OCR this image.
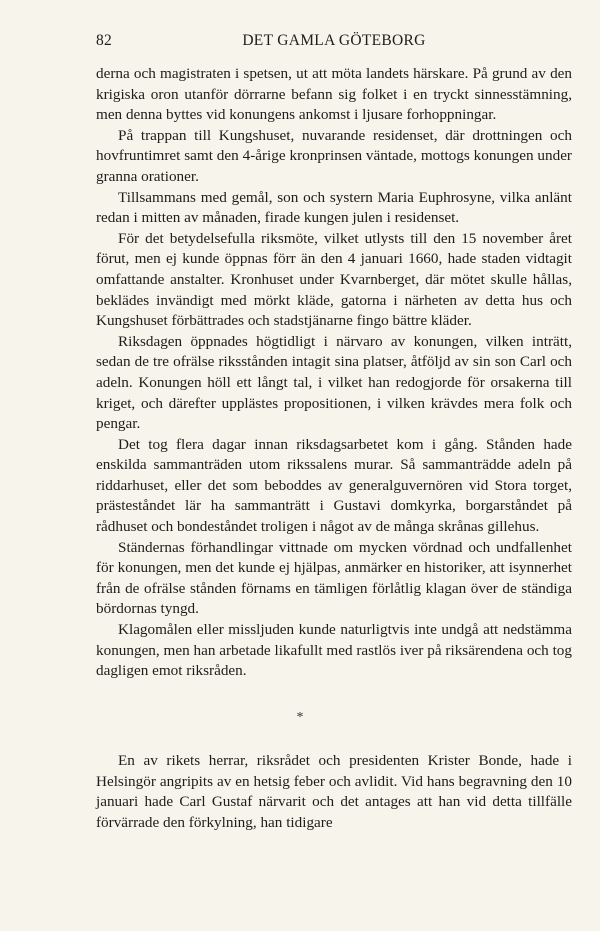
82	DET GAMLA GÖTEBORG

derna och magistraten i spetsen, ut att möta landets härskare. På grund av den krigiska oron utanför dörrarne befann sig folket i en tryckt sinnesstämning, men denna byttes vid konungens ankomst i ljusare forhoppningar.

På trappan till Kungshuset, nuvarande residenset, där drottningen och hovfruntimret samt den 4-årige kronprinsen väntade, mottogs konungen under granna orationer.

Tillsammans med gemål, son och systern Maria Euphrosyne, vilka anlänt redan i mitten av månaden, firade kungen julen i residenset.

För det betydelsefulla riksmöte, vilket utlysts till den 15 november året förut, men ej kunde öppnas förr än den 4 januari 1660, hade staden vidtagit omfattande anstalter. Kronhuset under Kvarnberget, där mötet skulle hållas, beklädes invändigt med mörkt kläde, gatorna i närheten av detta hus och Kungshuset förbättrades och stadstjänarne fingo bättre kläder.

Riksdagen öppnades högtidligt i närvaro av konungen, vilken inträtt, sedan de tre ofrälse riksstånden intagit sina platser, åtföljd av sin son Carl och adeln. Konungen höll ett långt tal, i vilket han redogjorde för orsakerna till kriget, och därefter upplästes propositionen, i vilken krävdes mera folk och pengar.

Det tog flera dagar innan riksdagsarbetet kom i gång. Stånden hade enskilda sammanträden utom rikssalens murar. Så sammanträdde adeln på riddarhuset, eller det som beboddes av generalguvernören vid Stora torget, prästeståndet lär ha sammanträtt i Gustavi domkyrka, borgarståndet på rådhuset och bondeståndet troligen i något av de många skrånas gillehus.

Ständernas förhandlingar vittnade om mycken vördnad och undfallenhet för konungen, men det kunde ej hjälpas, anmärker en historiker, att isynnerhet från de ofrälse stånden förnams en tämligen förlåtlig klagan över de ständiga bördornas tyngd.

Klagomålen eller missljuden kunde naturligtvis inte undgå att nedstämma konungen, men han arbetade likafullt med rastlös iver på riksärendena och tog dagligen emot riksråden.

*

En av rikets herrar, riksrådet och presidenten Krister Bonde, hade i Helsingör angripits av en hetsig feber och avlidit. Vid hans begravning den 10 januari hade Carl Gustaf närvarit och det antages att han vid detta tillfälle förvärrade den förkylning, han tidigare
